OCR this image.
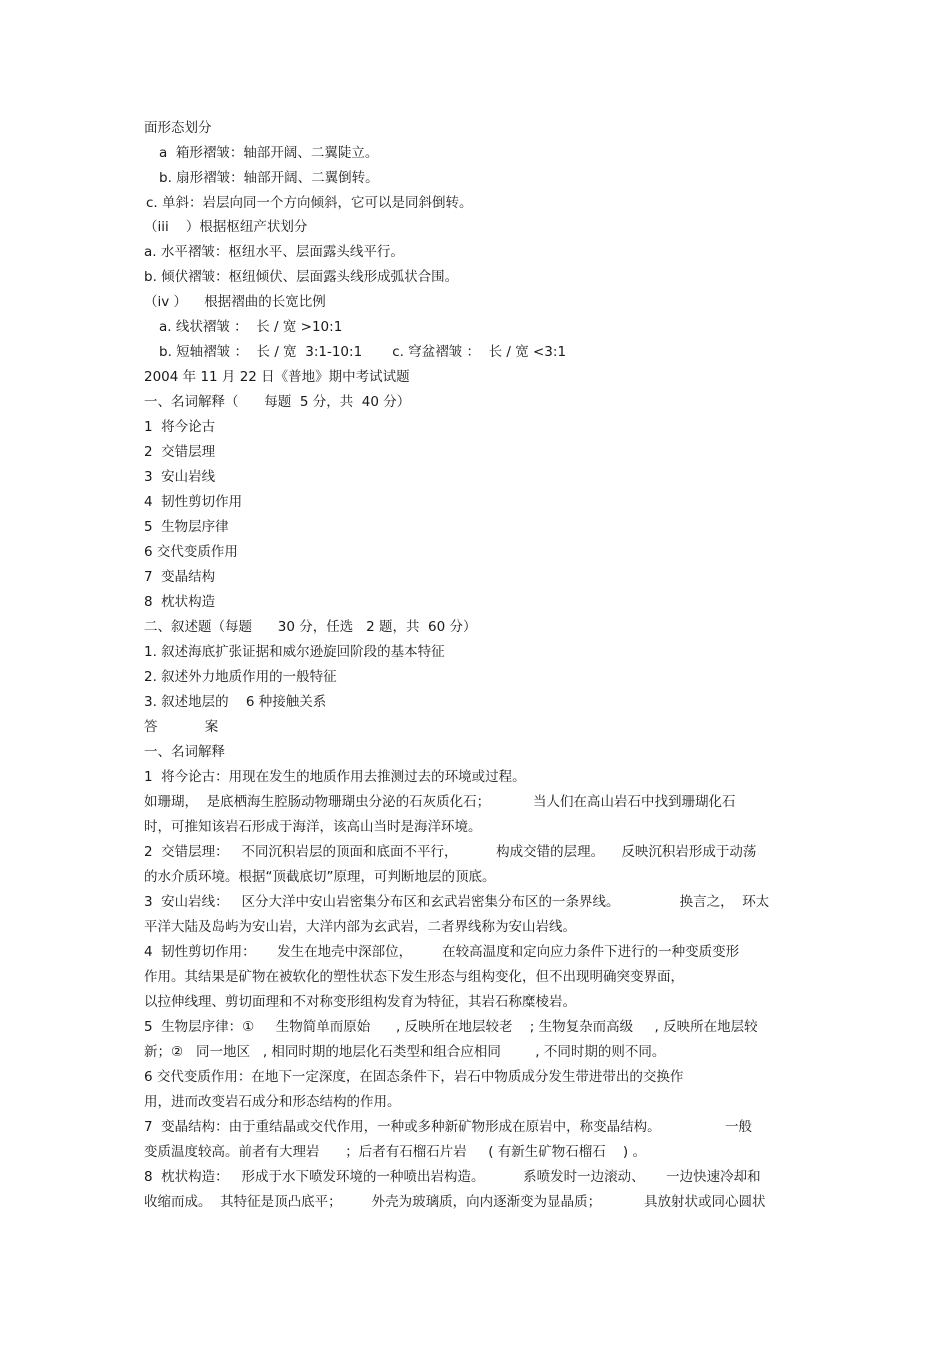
面形态划分
a  箱形褶皱：轴部开阔、二翼陡立。
b. 扇形褶皱：轴部开阔、二翼倒转。
c. 单斜：岩层向同一个方向倾斜，它可以是同斜倒转。
（iii    ）根据枢纽产状划分
a. 水平褶皱：枢纽水平、层面露头线平行。
b. 倾伏褶皱：枢纽倾伏、层面露头线形成弧状合围。
（iv ）    根据褶曲的长宽比例
a. 线状褶皱 ：  长 / 宽 >10:1
b. 短轴褶皱 ：  长 / 宽  3:1-10:1       c. 穹盆褶皱 ：  长 / 宽 <3:1
2004 年 11 月 22 日《普地》期中考试试题
一、名词解释（      每题  5 分，共  40 分）
1  将今论古
2  交错层理
3  安山岩线
4  韧性剪切作用
5  生物层序律
6 交代变质作用
7  变晶结构
8  枕状构造
二、叙述题（每题      30 分，任选   2 题，共  60 分）
1. 叙述海底扩张证据和威尔逊旋回阶段的基本特征
2. 叙述外力地质作用的一般特征
3. 叙述地层的    6 种接触关系
答           案
一、名词解释
1  将今论古：用现在发生的地质作用去推测过去的环境或过程。
如珊瑚，  是底栖海生腔肠动物珊瑚虫分泌的石灰质化石；          当人们在高山岩石中找到珊瑚化石
时，可推知该岩石形成于海洋，该高山当时是海洋环境。
2  交错层理：   不同沉积岩层的顶面和底面不平行，         构成交错的层理。    反映沉积岩形成于动荡
的水介质环境。根据“顶截底切”原理，可判断地层的顶底。
3  安山岩线：   区分大洋中安山岩密集分布区和玄武岩密集分布区的一条界线。              换言之，  环太
平洋大陆及岛屿为安山岩，大洋内部为玄武岩，二者界线称为安山岩线。
4  韧性剪切作用：     发生在地壳中深部位，       在较高温度和定向应力条件下进行的一种变质变形
作用。其结果是矿物在被软化的塑性状态下发生形态与组构变化，但不出现明确突变界面，
以拉伸线理、剪切面理和不对称变形组构发育为特征，其岩石称糜棱岩。
5  生物层序律：①     生物简单而原始      , 反映所在地层较老    ; 生物复杂而高级     , 反映所在地层较
新；②   同一地区   , 相同时期的地层化石类型和组合应相同        , 不同时期的则不同。
6 交代变质作用：在地下一定深度，在固态条件下，岩石中物质成分发生带进带出的交换作
用，进而改变岩石成分和形态结构的作用。
7  变晶结构：由于重结晶或交代作用，一种或多种新矿物形成在原岩中，称变晶结构。               一般
变质温度较高。前者有大理岩      ；后者有石榴石片岩     ( 有新生矿物石榴石    ) 。
8  枕状构造：   形成于水下喷发环境的一种喷出岩构造。         系喷发时一边滚动、     一边快速冷却和
收缩而成。  其特征是顶凸底平；       外壳为玻璃质，向内逐渐变为显晶质；          具放射状或同心圆状
